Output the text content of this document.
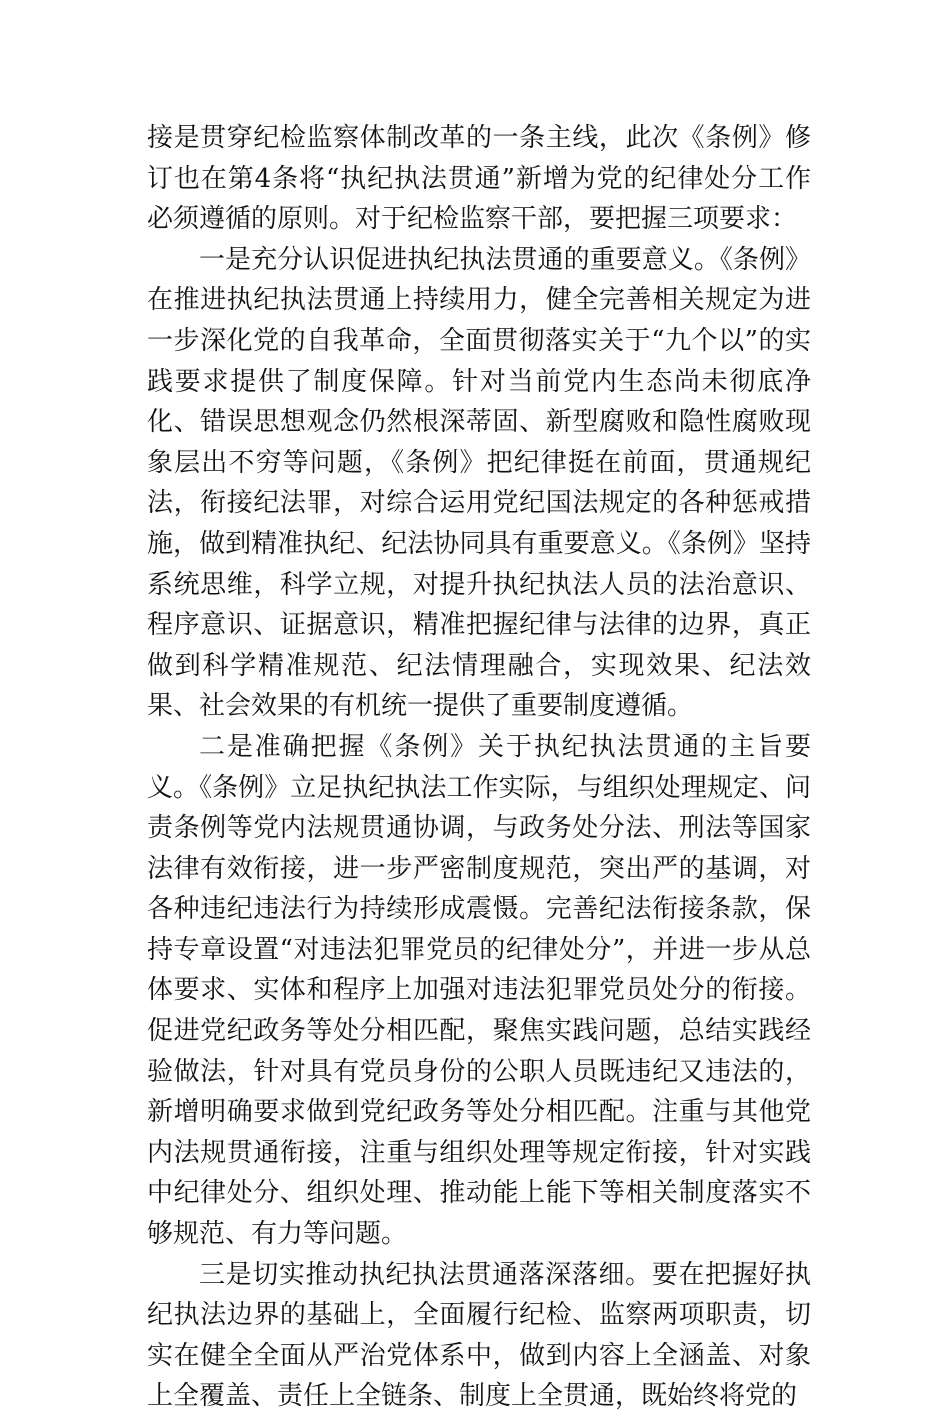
接是贯穿纪检监察体制改革的一条主线，此次《条例》修订也在第4条将“执纪执法贯通”新增为党的纪律处分工作必须遵循的原则。对于纪检监察干部，要把握三项要求：

一是充分认识促进执纪执法贯通的重要意义。《条例》在推进执纪执法贯通上持续用力，健全完善相关规定为进一步深化党的自我革命，全面贯彻落实关于“九个以”的实践要求提供了制度保障。针对当前党内生态尚未彻底净化、错误思想观念仍然根深蒂固、新型腐败和隐性腐败现象层出不穷等问题，《条例》把纪律挺在前面，贯通规纪法，衔接纪法罪，对综合运用党纪国法规定的各种惩戒措施，做到精准执纪、纪法协同具有重要意义。《条例》坚持系统思维，科学立规，对提升执纪执法人员的法治意识、程序意识、证据意识，精准把握纪律与法律的边界，真正做到科学精准规范、纪法情理融合，实现效果、纪法效果、社会效果的有机统一提供了重要制度遵循。

二是准确把握《条例》关于执纪执法贯通的主旨要义。《条例》立足执纪执法工作实际，与组织处理规定、问责条例等党内法规贯通协调，与政务处分法、刑法等国家法律有效衔接，进一步严密制度规范，突出严的基调，对各种违纪违法行为持续形成震慑。完善纪法衔接条款，保持专章设置“对违法犯罪党员的纪律处分”，并进一步从总体要求、实体和程序上加强对违法犯罪党员处分的衔接。促进党纪政务等处分相匹配，聚焦实践问题，总结实践经验做法，针对具有党员身份的公职人员既违纪又违法的，新增明确要求做到党纪政务等处分相匹配。注重与其他党内法规贯通衔接，注重与组织处理等规定衔接，针对实践中纪律处分、组织处理、推动能上能下等相关制度落实不够规范、有力等问题。

三是切实推动执纪执法贯通落深落细。要在把握好执纪执法边界的基础上，全面履行纪检、监察两项职责，切实在健全全面从严治党体系中，做到内容上全涵盖、对象上全覆盖、责任上全链条、制度上全贯通，既始终将党的
